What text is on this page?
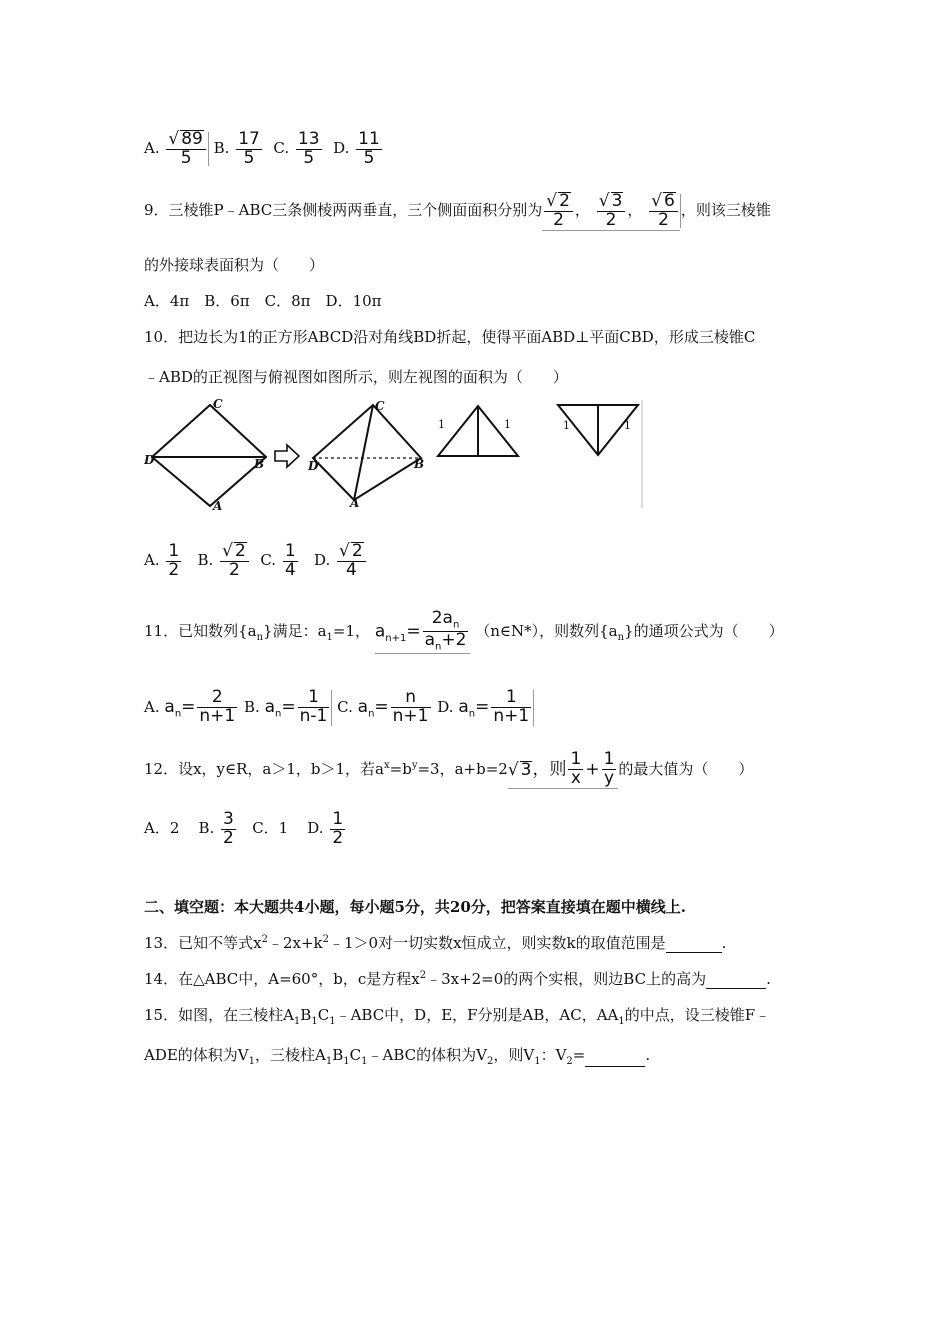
A. $\frac{√ 89}{5} B$. $\frac{17}{5} C$. $\frac{13}{5} D$. $\frac{11}{5}$
9．三棱锥P﹣ABC三条侧棱两两垂直，三个侧面面积分别为 $\frac{√ 2}{2}$ ， $\frac{√ 3}{2}$ ， $\frac{√ 6}{2}$ ，则该三棱锥
的外接球表面积为（　　）
A．4π　B．6π　C．8π　D．10π
10．把边长为1的正方形ABCD沿对角线BD折起，使得平面ABD⊥平面CBD，形成三棱锥C
﹣ABD的正视图与俯视图如图所示，则左视图的面积为（　　）
C
D	B
A
C
D	B
A
1	1	1	1
A. $\frac{1}{2} B$. $\frac{√ 2}{2} C$. $\frac{1}{4} D$. $\frac{√ 2}{4}$
11．已知数列$\{a_n\}$满足：$a_1=1$， $a_{n+1}= \frac{2a_n}{a_n+2}$ （n∈N*），则数列$\{a_n\}$的通项公式为（　　）
A. $a_n= \frac{2}{n+1} B$. $a_n= \frac{1}{n-1} C$. $a_n= \frac{n}{n+1} D$. $a_n= \frac{1}{n+1}$
12．设x，y∈R，a＞1，b＞1，若$a^x=b^y=3$，a+b=2√ 3，则 $\frac{1}{x} + \frac{1}{y}$ 的最大值为（　　）
A．2 B. $\frac{3}{2}$ C．1 D. $\frac{1}{2}$
二、填空题：本大题共4小题，每小题5分，共20分，把答案直接填在题中横线上.
13．已知不等式$x^2﹣2x+k^2﹣1>0$对一切实数x恒成立，则实数k的取值范围是	.
14．在△ABC中，A=60°，b，c是方程$x^2﹣3x+2=0$的两个实根，则边BC上的高为	.
15．如图，在三棱柱$A_1B_1C_1﹣ABC$中，D，E，F分别是AB，AC，$AA_1$的中点，设三棱锥F﹣
ADE的体积为$V_1$，三棱柱$A_1B_1C_1﹣ABC$的体积为$V_2$，则$V_1$：$V_2=$	.
